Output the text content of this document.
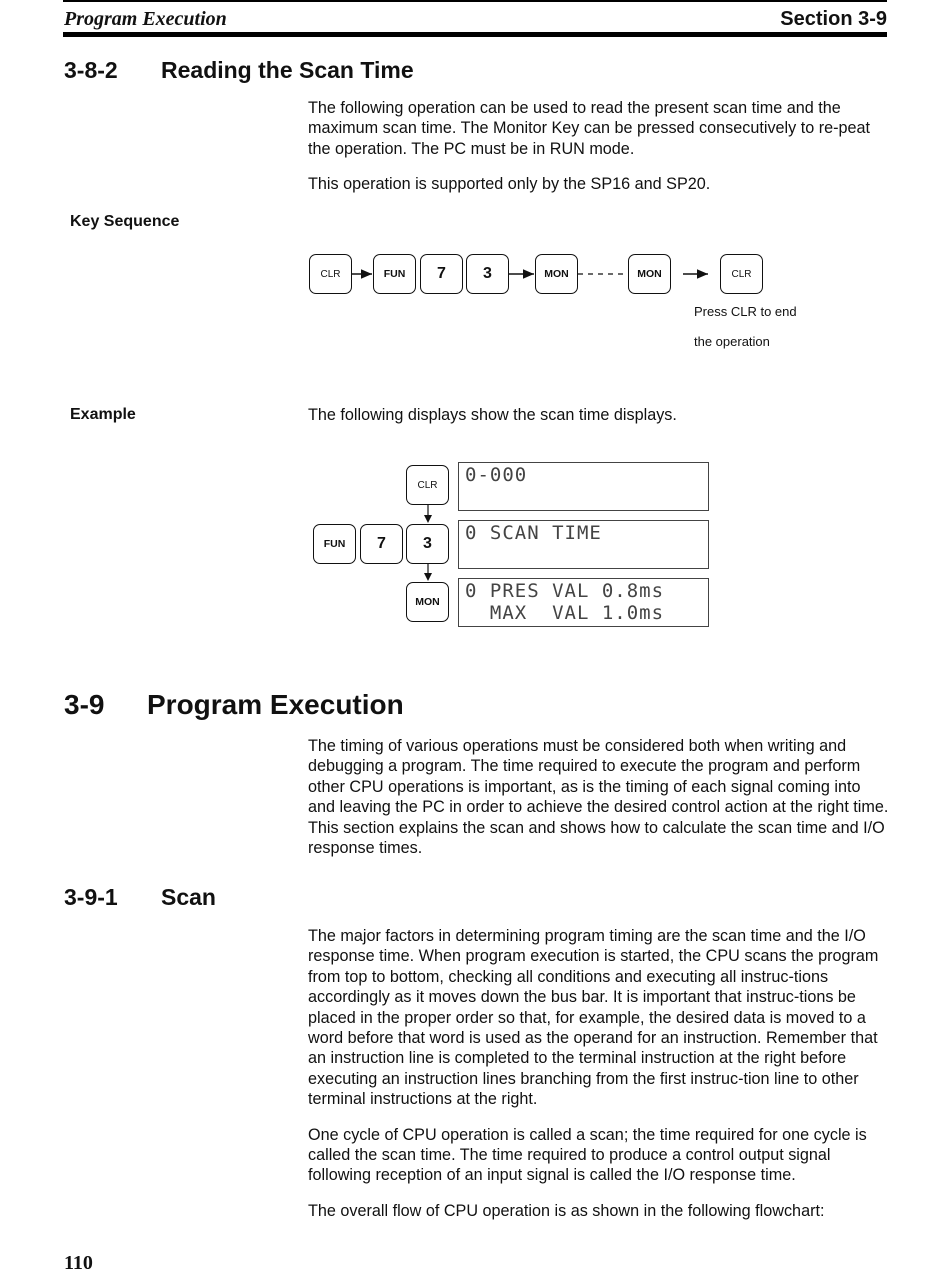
Program Execution	Section 3-9
3-8-2 Reading the Scan Time

The following operation can be used to read the present scan time and the maximum scan time. The Monitor Key can be pressed consecutively to re-peat the operation. The PC must be in RUN mode.

This operation is supported only by the SP16 and SP20.

Key Sequence
CLR	FUN	7	3	MON	MON	CLR
Press CLR to end
the operation
Example	The following displays show the scan time displays.
CLR
FUN	7	3
MON
0-000
0 SCAN TIME
0 PRES VAL 0.8ms
MAX  VAL 1.0ms
3-9 Program Execution

The timing of various operations must be considered both when writing and debugging a program. The time required to execute the program and perform other CPU operations is important, as is the timing of each signal coming into and leaving the PC in order to achieve the desired control action at the right time. This section explains the scan and shows how to calculate the scan time and I/O response times.

3-9-1 Scan

The major factors in determining program timing are the scan time and the I/O response time. When program execution is started, the CPU scans the program from top to bottom, checking all conditions and executing all instruc-tions accordingly as it moves down the bus bar. It is important that instruc-tions be placed in the proper order so that, for example, the desired data is moved to a word before that word is used as the operand for an instruction. Remember that an instruction line is completed to the terminal instruction at the right before executing an instruction lines branching from the first instruc-tion line to other terminal instructions at the right.

One cycle of CPU operation is called a scan; the time required for one cycle is called the scan time. The time required to produce a control output signal following reception of an input signal is called the I/O response time.

The overall flow of CPU operation is as shown in the following flowchart:

110
